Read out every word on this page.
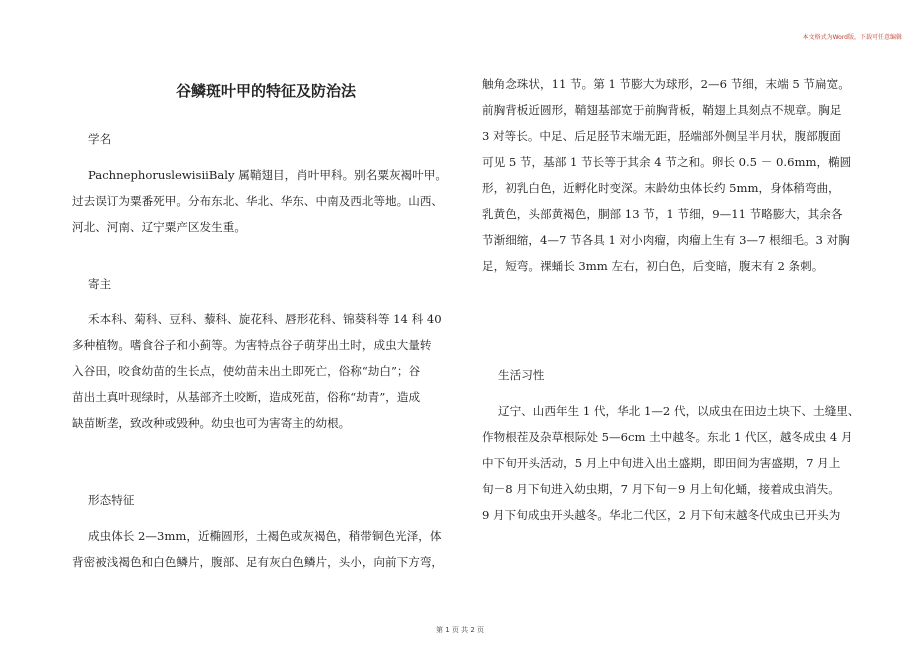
本文格式为Word版，下载可任意编辑
谷鳞斑叶甲的特征及防治法
学名
PachnephoruslewisiiBaly 属鞘翅目，肖叶甲科。别名粟灰褐叶甲。
过去误订为粟番死甲。分布东北、华北、华东、中南及西北等地。山西、
河北、河南、辽宁粟产区发生重。
寄主
禾本科、菊科、豆科、藜科、旋花科、唇形花科、锦葵科等 14 科 40
多种植物。嗜食谷子和小蓟等。为害特点谷子萌芽出土时，成虫大量转
入谷田，咬食幼苗的生长点，使幼苗未出土即死亡，俗称“劫白”；谷
苗出土真叶现绿时，从基部齐土咬断，造成死苗，俗称“劫青”，造成
缺苗断垄，致改种或毁种。幼虫也可为害寄主的幼根。
形态特征
成虫体长 2—3mm，近椭圆形，土褐色或灰褐色，稍带铜色光泽，体
背密被浅褐色和白色鳞片，腹部、足有灰白色鳞片，头小，向前下方弯，
触角念珠状，11 节。第 1 节膨大为球形，2—6 节细，末端 5 节扁宽。
前胸背板近圆形，鞘翅基部宽于前胸背板，鞘翅上具刻点不规章。胸足
3 对等长。中足、后足胫节末端无距，胫端部外侧呈半月状，腹部腹面
可见 5 节，基部 1 节长等于其余 4 节之和。卵长 0.5 － 0.6mm，椭圆
形，初乳白色，近孵化时变深。末龄幼虫体长约 5mm，身体稍弯曲，
乳黄色，头部黄褐色，胴部 13 节，1 节细，9—11 节略膨大，其余各
节渐细缩，4—7 节各具 1 对小肉瘤，肉瘤上生有 3—7 根细毛。3 对胸
足，短弯。裸蛹长 3mm 左右，初白色，后变暗，腹末有 2 条刺。
生活习性
辽宁、山西年生 1 代，华北 1—2 代，以成虫在田边土块下、土缝里、
作物根茬及杂草根际处 5—6cm 土中越冬。东北 1 代区，越冬成虫 4 月
中下旬开头活动，5 月上中旬进入出土盛期，即田间为害盛期，7 月上
旬－8 月下旬进入幼虫期，7 月下旬－9 月上旬化蛹，接着成虫消失。
9 月下旬成虫开头越冬。华北二代区，2 月下旬末越冬代成虫已开头为
第 1 页 共 2 页
